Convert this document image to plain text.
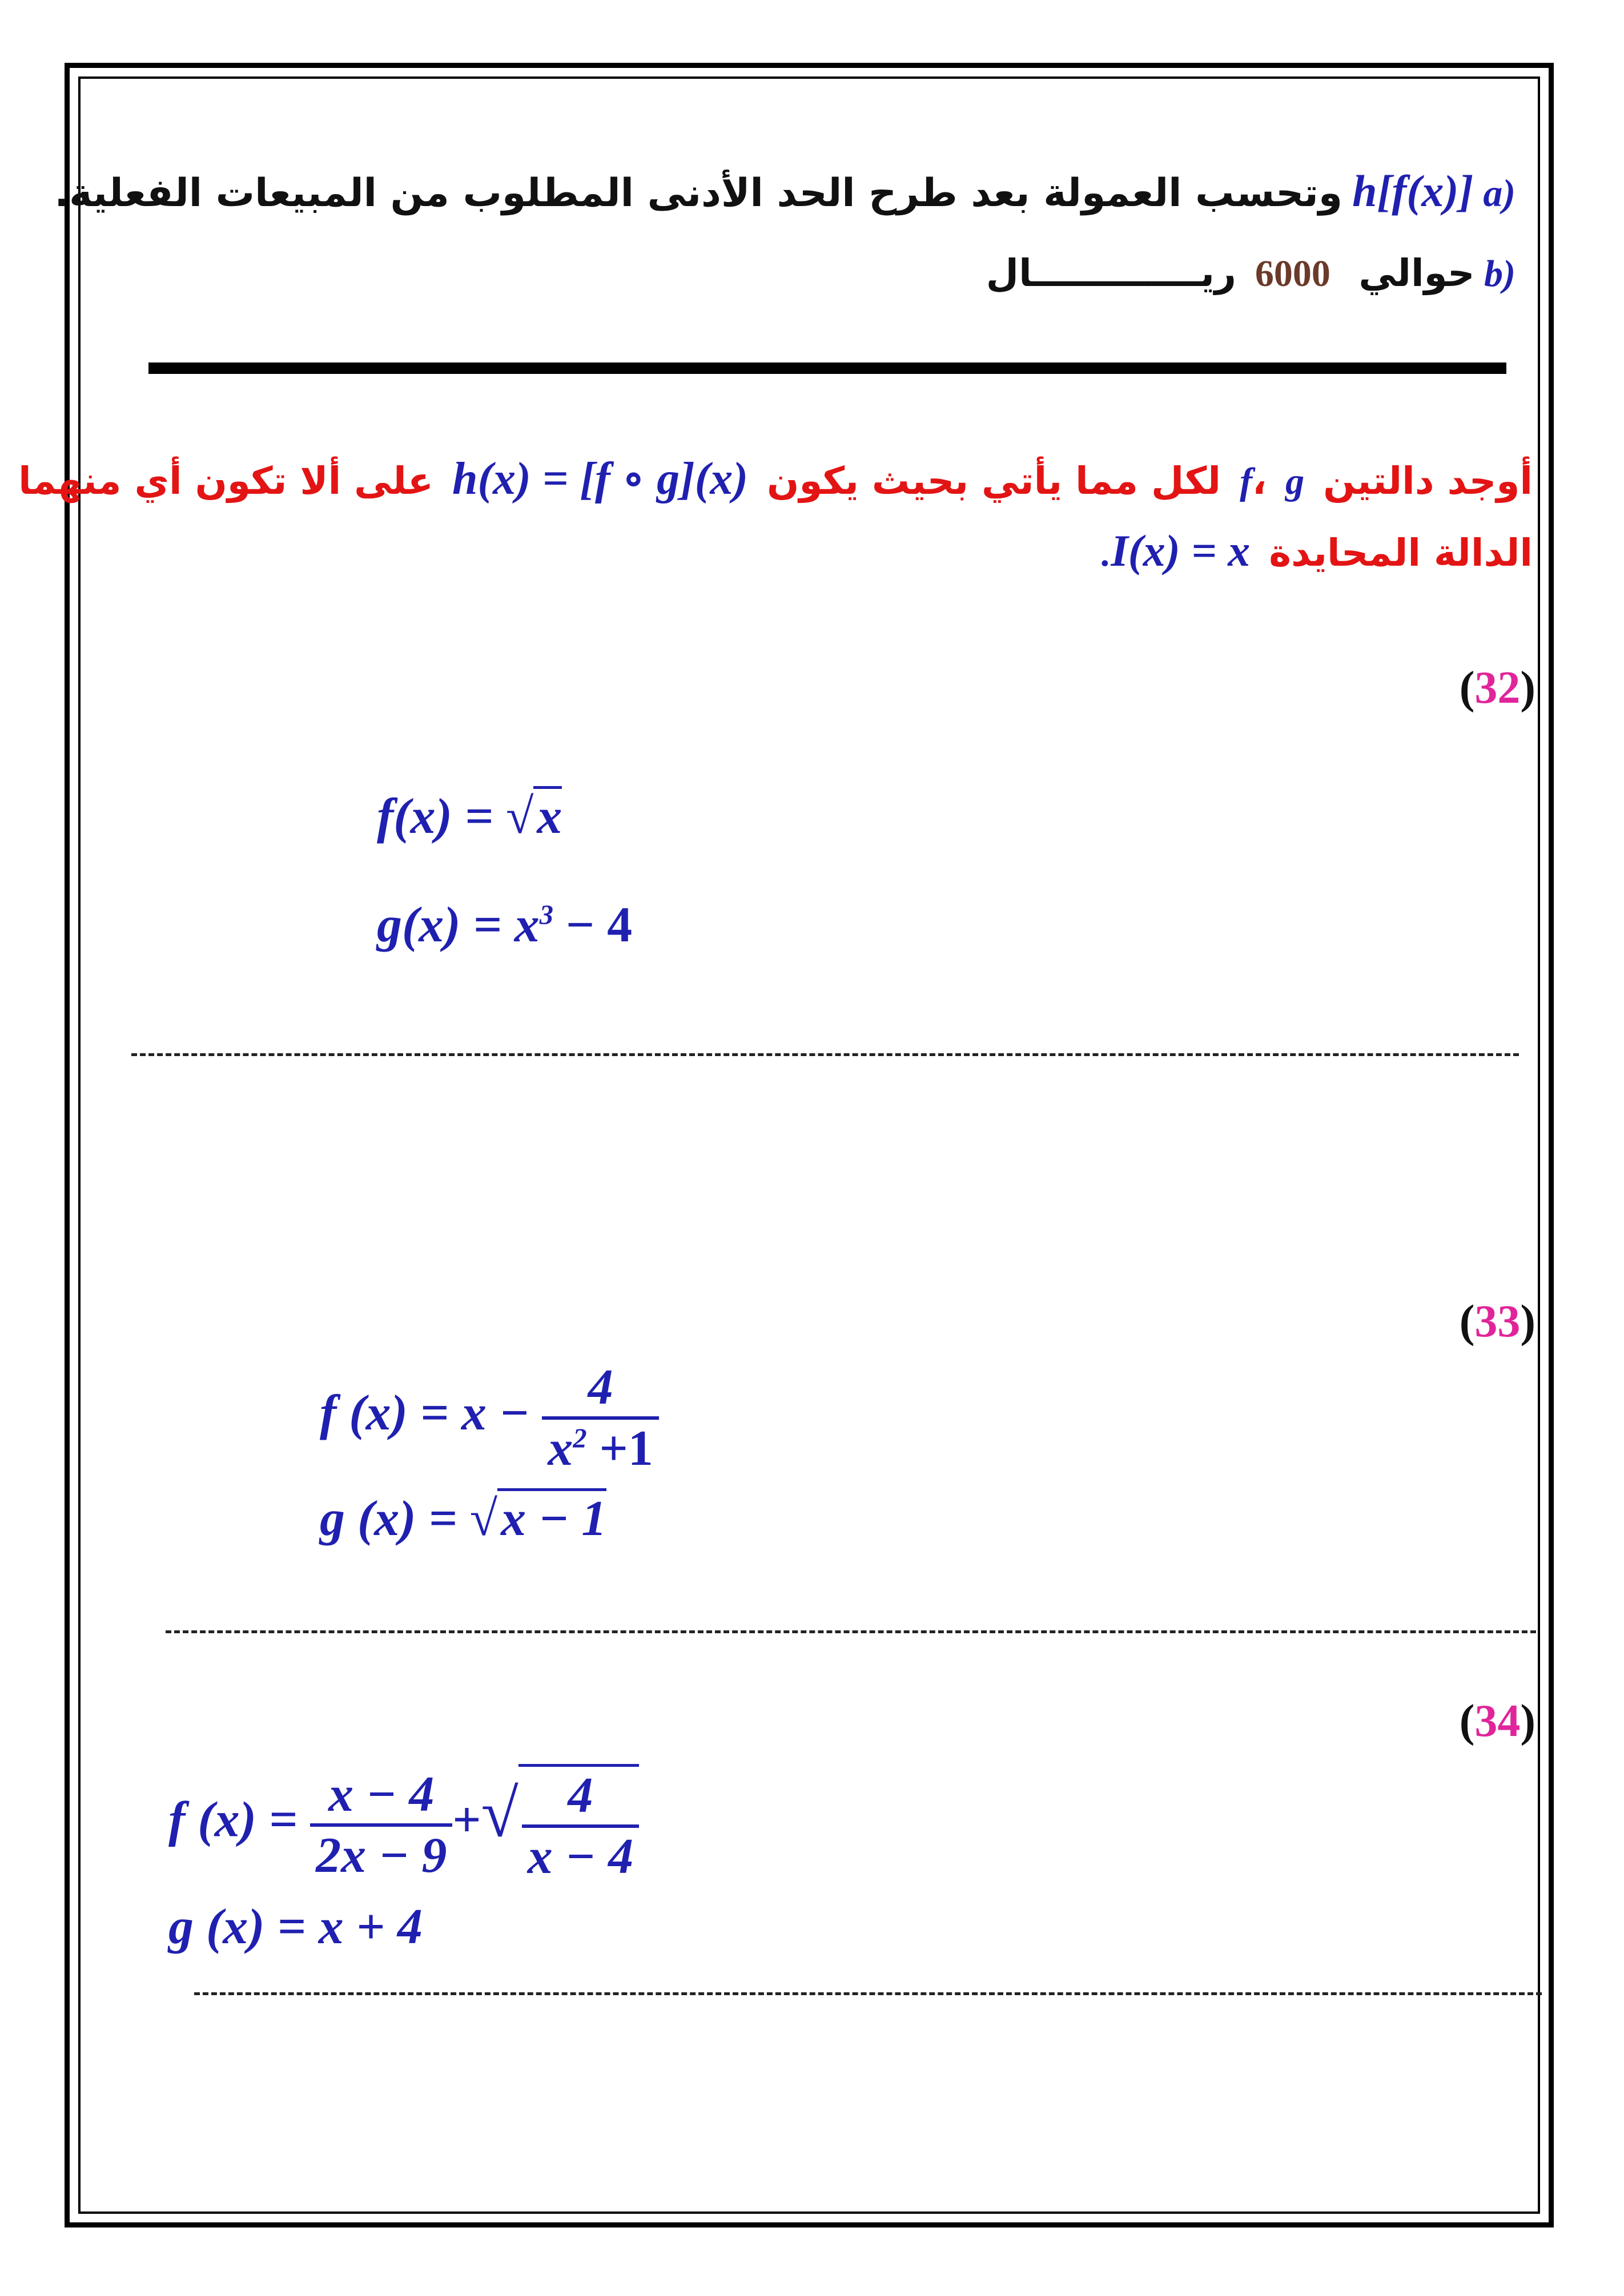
(a h[f(x)] وتحسب العمولة بعد طرح الحد الأدنى المطلوب من المبيعات الفعلية.
(b حوالي   6000  ريـــــــــــــال
أوجد دالتين  f، g  لكل مما يأتي بحيث يكون  h(x) = [f ∘ g](x)  على ألا تكون أي منهما
الدالة المحايدة  I(x) = x.
(32)
f(x) = √x
$g(x) = x^3 - 4$
(33)
f $(x) = x - \frac{4}{x^2 +1}$
g (x) = √x − 1
(34)
f $(x) = \frac{x - 4}{2x - 9}$ +√ $\frac{4}{x - 4}$
g (x) = x + 4
